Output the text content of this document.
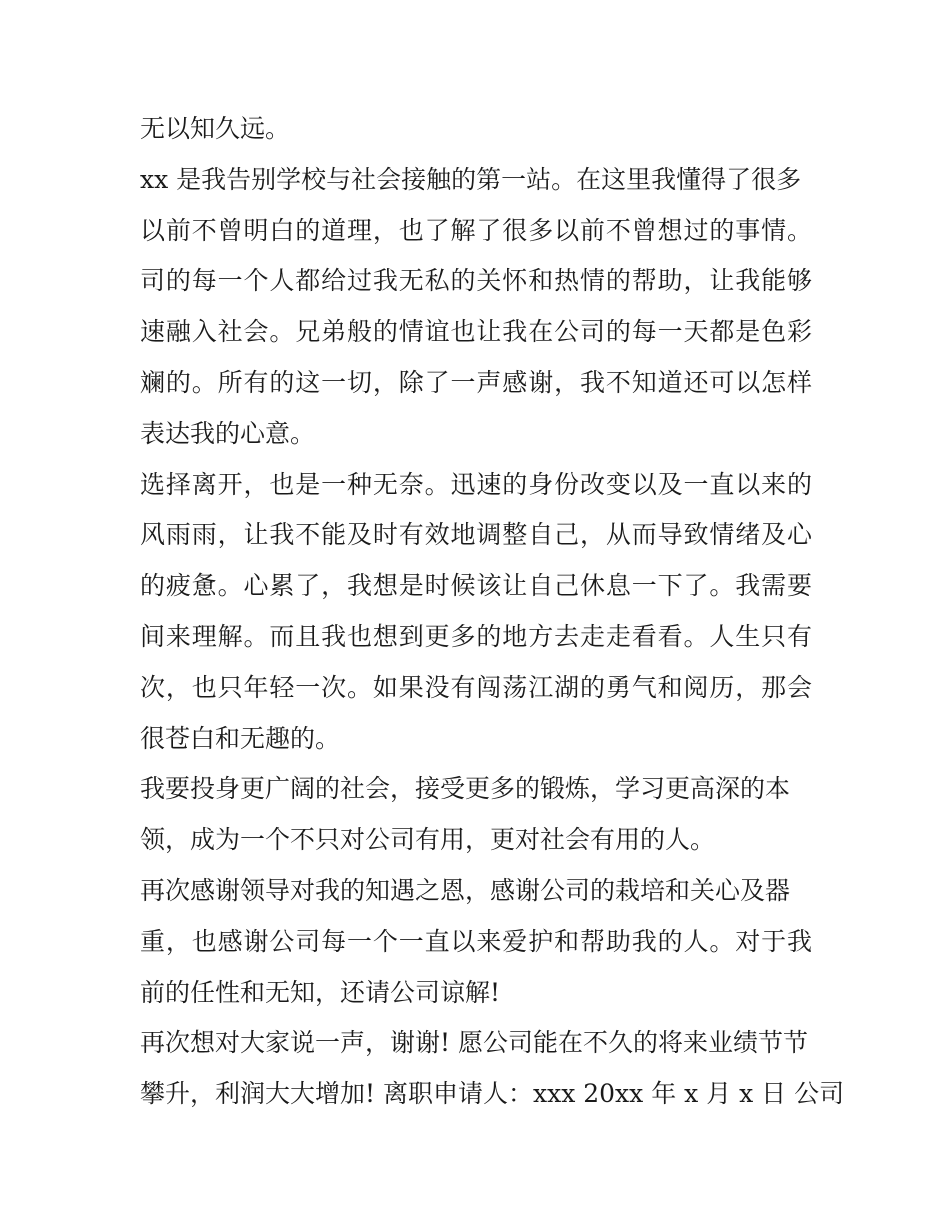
无以知久远。
xx 是我告别学校与社会接触的第一站。在这里我懂得了很多
以前不曾明白的道理，也了解了很多以前不曾想过的事情。
司的每一个人都给过我无私的关怀和热情的帮助，让我能够
速融入社会。兄弟般的情谊也让我在公司的每一天都是色彩
斓的。所有的这一切，除了一声感谢，我不知道还可以怎样
表达我的心意。
选择离开，也是一种无奈。迅速的身份改变以及一直以来的
风雨雨，让我不能及时有效地调整自己，从而导致情绪及心
的疲惫。心累了，我想是时候该让自己休息一下了。我需要
间来理解。而且我也想到更多的地方去走走看看。人生只有
次，也只年轻一次。如果没有闯荡江湖的勇气和阅历，那会
很苍白和无趣的。
我要投身更广阔的社会，接受更多的锻炼，学习更高深的本
领，成为一个不只对公司有用，更对社会有用的人。
再次感谢领导对我的知遇之恩，感谢公司的栽培和关心及器
重，也感谢公司每一个一直以来爱护和帮助我的人。对于我
前的任性和无知，还请公司谅解!
再次想对大家说一声，谢谢! 愿公司能在不久的将来业绩节节
攀升，利润大大增加! 离职申请人：xxx 20xx 年 x 月 x 日 公司
